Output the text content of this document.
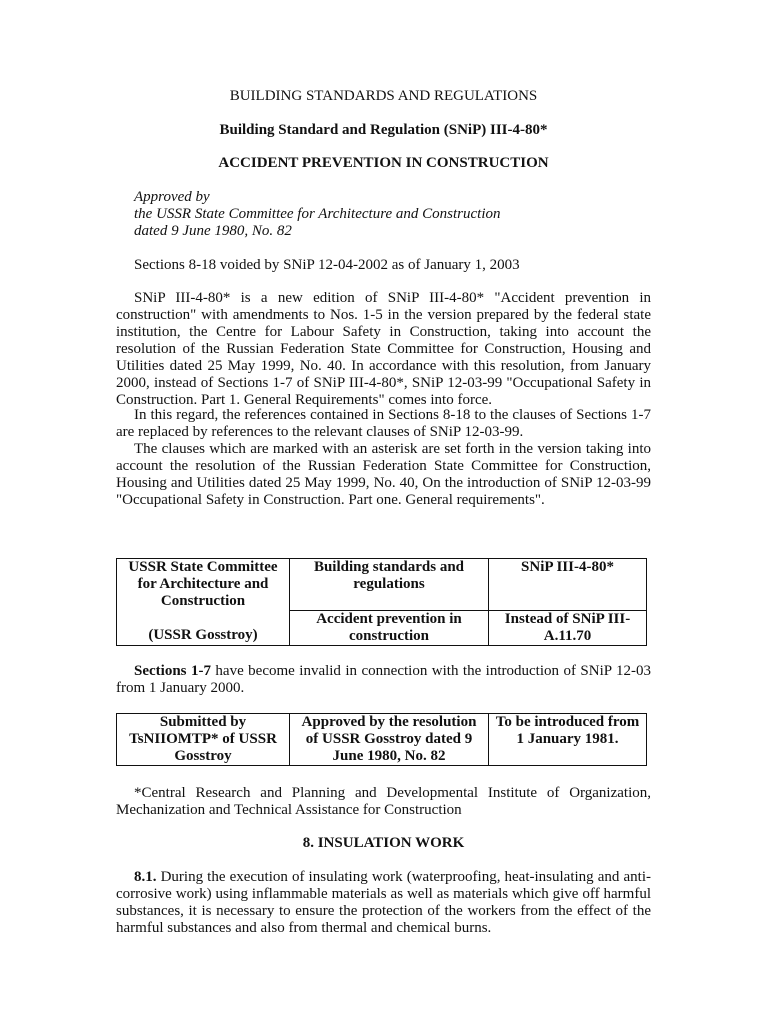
BUILDING STANDARDS AND REGULATIONS
Building Standard and Regulation (SNiP) III-4-80*
ACCIDENT PREVENTION IN CONSTRUCTION
Approved by
the USSR State Committee for Architecture and Construction
dated 9 June 1980, No. 82
Sections 8-18 voided by SNiP 12-04-2002 as of January 1, 2003
SNiP III-4-80* is a new edition of SNiP III-4-80* "Accident prevention in construction" with amendments to Nos. 1-5 in the version prepared by the federal state institution, the Centre for Labour Safety in Construction, taking into account the resolution of the Russian Federation State Committee for Construction, Housing and Utilities dated 25 May 1999, No. 40. In accordance with this resolution, from January 2000, instead of Sections 1-7 of SNiP III-4-80*, SNiP 12-03-99 "Occupational Safety in Construction. Part 1. General Requirements" comes into force.
In this regard, the references contained in Sections 8-18 to the clauses of Sections 1-7 are replaced by references to the relevant clauses of SNiP 12-03-99.
The clauses which are marked with an asterisk are set forth in the version taking into account the resolution of the Russian Federation State Committee for Construction, Housing and Utilities dated 25 May 1999, No. 40, On the introduction of SNiP 12-03-99 "Occupational Safety in Construction. Part one. General requirements".
USSR State Committee for Architecture and Construction
(USSR Gosstroy)	Building standards and regulations	SNiP III-4-80*
	Accident prevention in construction	Instead of SNiP III-A.11.70
Sections 1-7 have become invalid in connection with the introduction of SNiP 12-03 from 1 January 2000.
Submitted by TsNIIOMTP* of USSR Gosstroy	Approved by the resolution of USSR Gosstroy dated 9 June 1980, No. 82	To be introduced from 1 January 1981.
*Central Research and Planning and Developmental Institute of Organization, Mechanization and Technical Assistance for Construction
8. INSULATION WORK
8.1. During the execution of insulating work (waterproofing, heat-insulating and anti-corrosive work) using inflammable materials as well as materials which give off harmful substances, it is necessary to ensure the protection of the workers from the effect of the harmful substances and also from thermal and chemical burns.
